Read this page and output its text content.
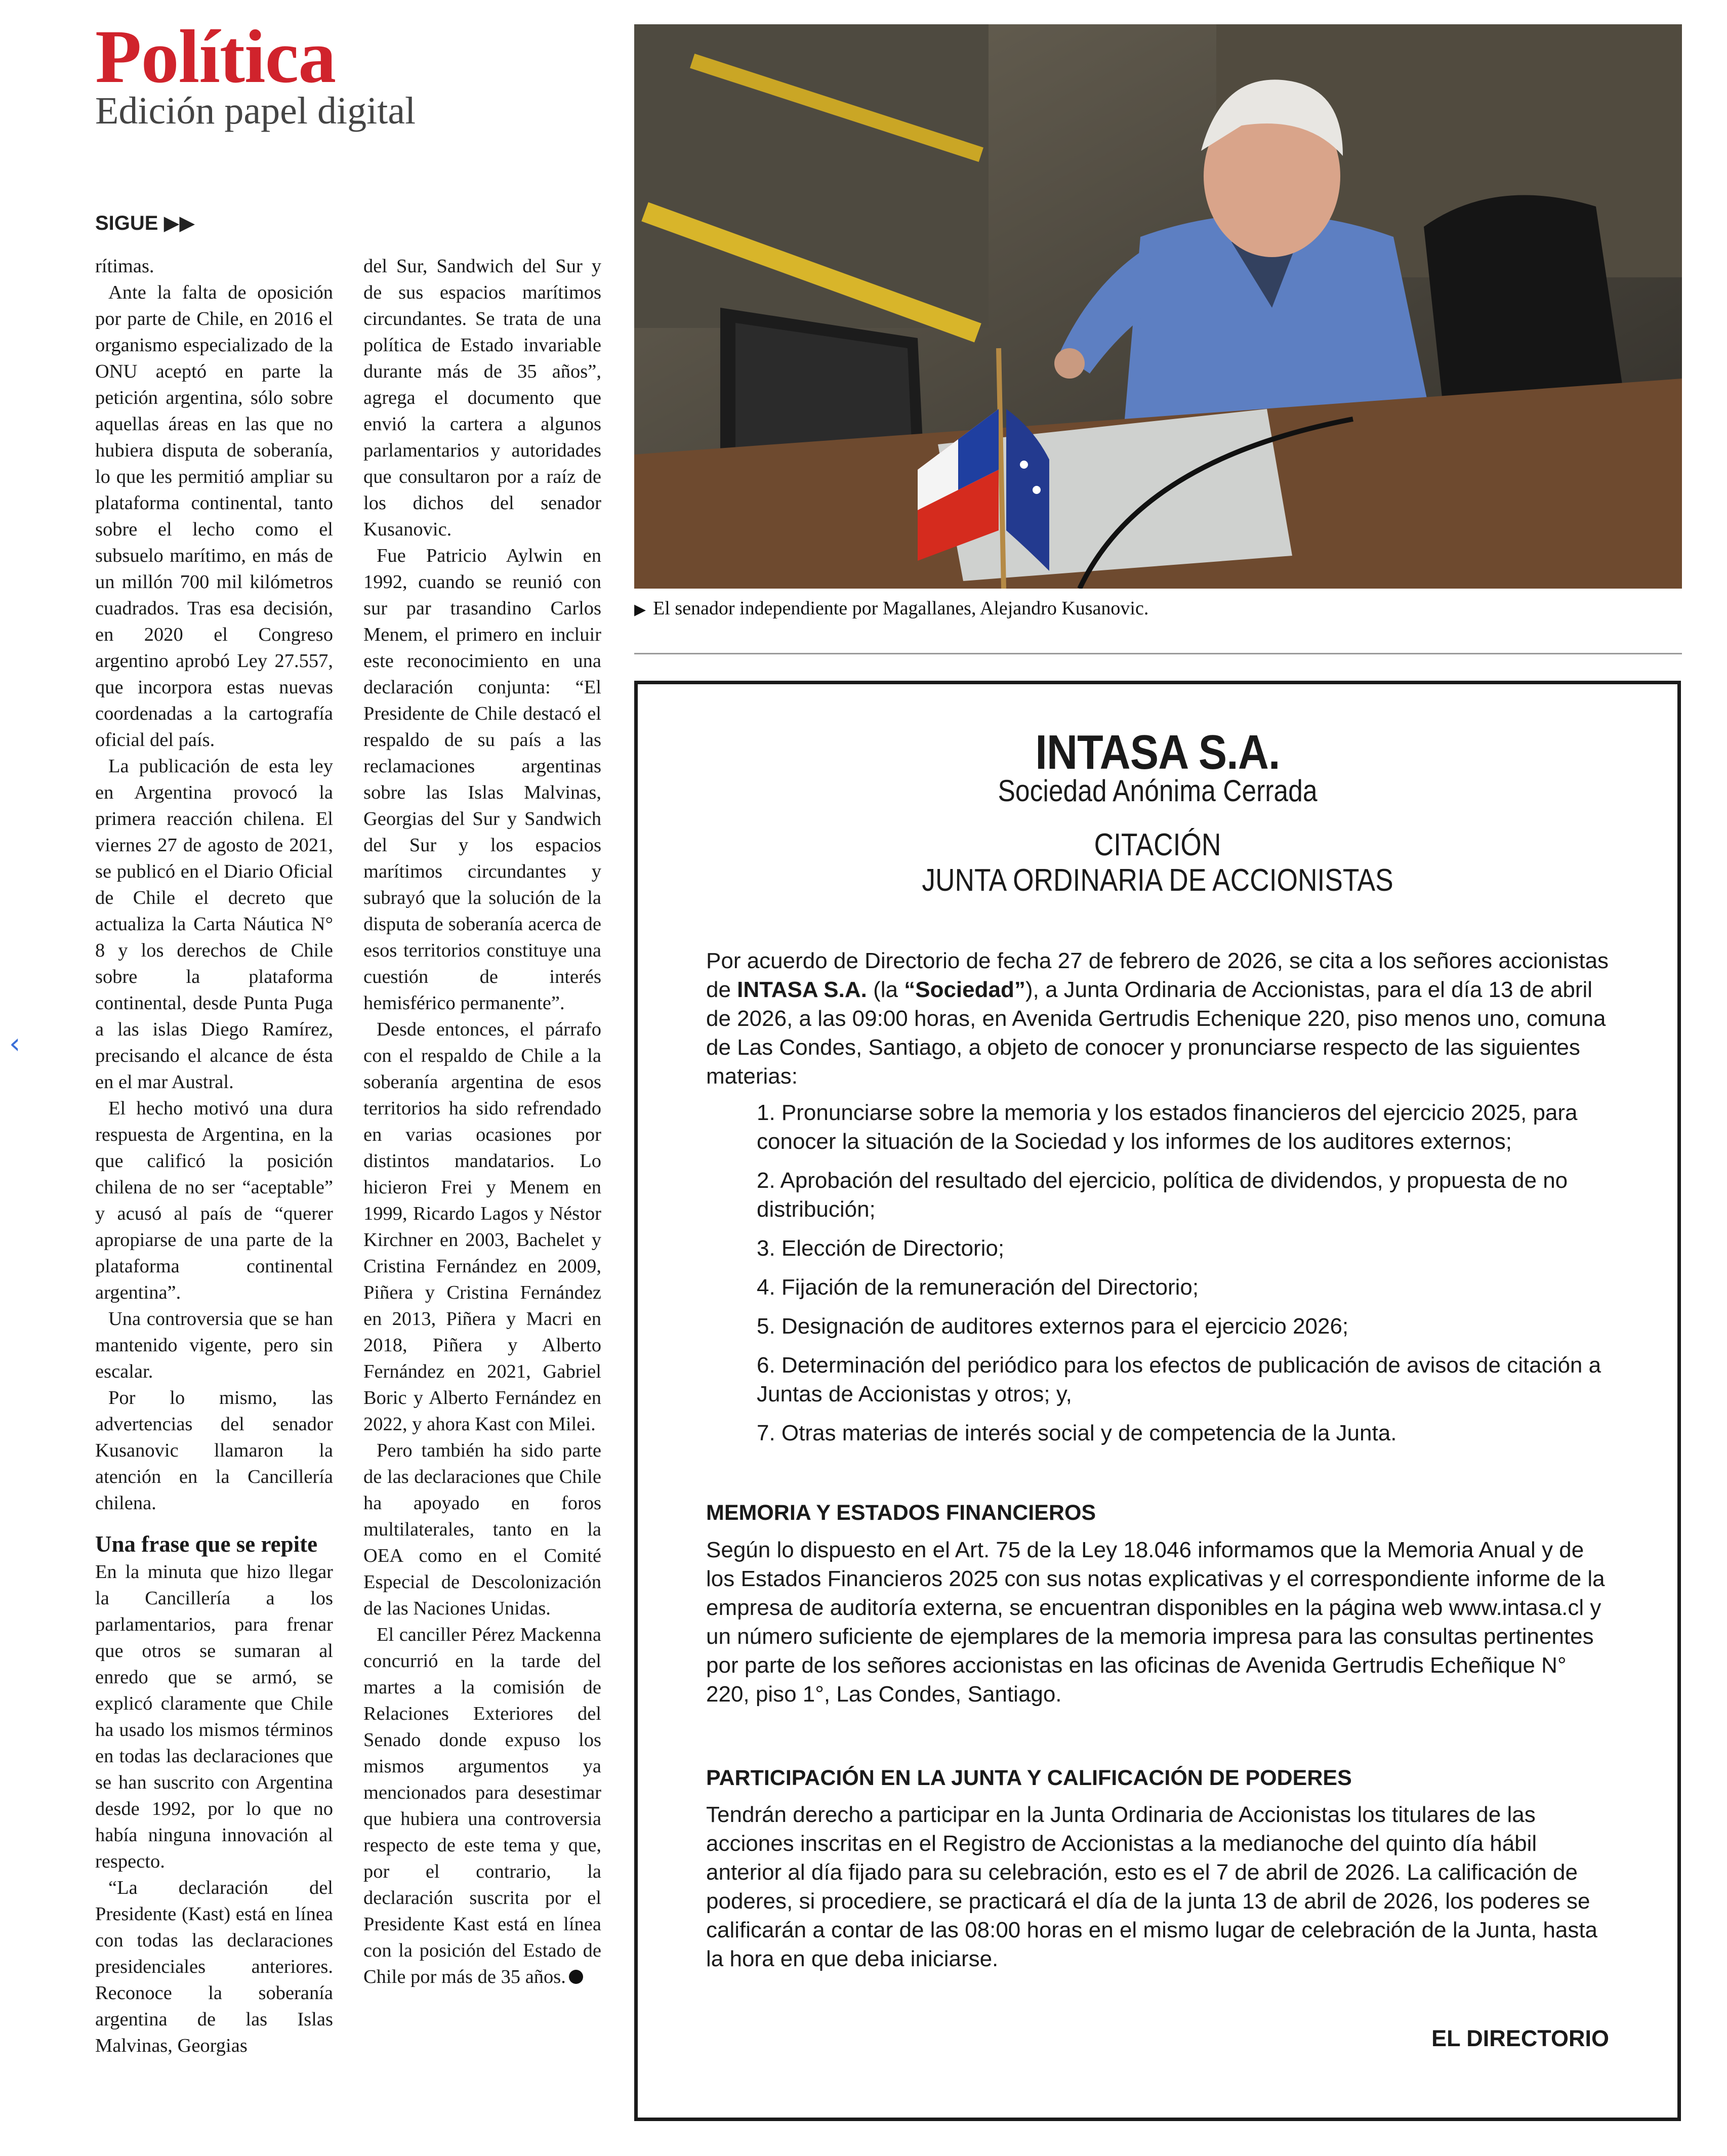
Política
Edición papel digital
SIGUE ▶▶
‹

rítimas.

Ante la falta de oposición por parte de Chile, en 2016 el organismo especializado de la ONU aceptó en parte la petición argentina, sólo sobre aquellas áreas en las que no hubiera disputa de soberanía, lo que les permitió ampliar su plataforma continental, tanto sobre el lecho como el subsuelo marítimo, en más de un millón 700 mil kilómetros cuadrados. Tras esa decisión, en 2020 el Congreso argentino aprobó Ley 27.557, que incorpora estas nuevas coordenadas a la cartografía oficial del país.

La publicación de esta ley en Argentina provocó la primera reacción chilena. El viernes 27 de agosto de 2021, se publicó en el Diario Oficial de Chile el decreto que actualiza la Carta Náutica N° 8 y los derechos de Chile sobre la plataforma continental, desde Punta Puga a las islas Diego Ramírez, precisando el alcance de ésta en el mar Austral.

El hecho motivó una dura respuesta de Argentina, en la que calificó la posición chilena de no ser “aceptable” y acusó al país de “querer apropiarse de una parte de la plataforma continental argentina”.

Una controversia que se han mantenido vigente, pero sin escalar.

Por lo mismo, las advertencias del senador Kusanovic llamaron la atención en la Cancillería chilena.

Una frase que se repite

En la minuta que hizo llegar la Cancillería a los parlamentarios, para frenar que otros se sumaran al enredo que se armó, se explicó claramente que Chile ha usado los mismos términos en todas las declaraciones que se han suscrito con Argentina desde 1992, por lo que no había ninguna innovación al respecto.

“La declaración del Presidente (Kast) está en línea con todas las declaraciones presidenciales anteriores. Reconoce la soberanía argentina de las Islas Malvinas, Georgias

del Sur, Sandwich del Sur y de sus espacios marítimos circundantes. Se trata de una política de Estado invariable durante más de 35 años”, agrega el documento que envió la cartera a algunos parlamentarios y autoridades que consultaron por a raíz de los dichos del senador Kusanovic.

Fue Patricio Aylwin en 1992, cuando se reunió con sur par trasandino Carlos Menem, el primero en incluir este reconocimiento en una declaración conjunta: “El Presidente de Chile destacó el respaldo de su país a las reclamaciones argentinas sobre las Islas Malvinas, Georgias del Sur y Sandwich del Sur y los espacios marítimos circundantes y subrayó que la solución de la disputa de soberanía acerca de esos territorios constituye una cuestión de interés hemisférico permanente”.

Desde entonces, el párrafo con el respaldo de Chile a la soberanía argentina de esos territorios ha sido refrendado en varias ocasiones por distintos mandatarios. Lo hicieron Frei y Menem en 1999, Ricardo Lagos y Néstor Kirchner en 2003, Bachelet y Cristina Fernández en 2009, Piñera y Cristina Fernández en 2013, Piñera y Macri en 2018, Piñera y Alberto Fernández en 2021, Gabriel Boric y Alberto Fernández en 2022, y ahora Kast con Milei.

Pero también ha sido parte de las declaraciones que Chile ha apoyado en foros multilaterales, tanto en la OEA como en el Comité Especial de Descolonización de las Naciones Unidas.

El canciller Pérez Mackenna concurrió en la tarde del martes a la comisión de Relaciones Exteriores del Senado donde expuso los mismos argumentos ya mencionados para desestimar que hubiera una controversia respecto de este tema y que, por el contrario, la declaración suscrita por el Presidente Kast está en línea con la posición del Estado de Chile por más de 35 años.

▶ El senador independiente por Magallanes, Alejandro Kusanovic.
INTASA S.A.
Sociedad Anónima Cerrada
CITACIÓN
JUNTA ORDINARIA DE ACCIONISTAS
Por acuerdo de Directorio de fecha 27 de febrero de 2026, se cita a los señores accionistas de INTASA S.A. (la “Sociedad”), a Junta Ordinaria de Accionistas, para el día 13 de abril de 2026, a las 09:00 horas, en Avenida Gertrudis Echenique 220, piso menos uno, comuna de Las Condes, Santiago, a objeto de conocer y pronunciarse respecto de las siguientes materias:
1. Pronunciarse sobre la memoria y los estados financieros del ejercicio 2025, para conocer la situación de la Sociedad y los informes de los auditores externos;
2. Aprobación del resultado del ejercicio, política de dividendos, y propuesta de no distribución;
3. Elección de Directorio;
4. Fijación de la remuneración del Directorio;
5. Designación de auditores externos para el ejercicio 2026;
6. Determinación del periódico para los efectos de publicación de avisos de citación a Juntas de Accionistas y otros; y,
7. Otras materias de interés social y de competencia de la Junta.
MEMORIA Y ESTADOS FINANCIEROS
Según lo dispuesto en el Art. 75 de la Ley 18.046 informamos que la Memoria Anual y de los Estados Financieros 2025 con sus notas explicativas y el correspondiente informe de la empresa de auditoría externa, se encuentran disponibles en la página web www.intasa.cl y un número suficiente de ejemplares de la memoria impresa para las consultas pertinentes por parte de los señores accionistas en las oficinas de Avenida Gertrudis Echeñique N° 220, piso 1°, Las Condes, Santiago.
PARTICIPACIÓN EN LA JUNTA Y CALIFICACIÓN DE PODERES
Tendrán derecho a participar en la Junta Ordinaria de Accionistas los titulares de las acciones inscritas en el Registro de Accionistas a la medianoche del quinto día hábil anterior al día fijado para su celebración, esto es el 7 de abril de 2026. La calificación de poderes, si procediere, se practicará el día de la junta 13 de abril de 2026, los poderes se calificarán a contar de las 08:00 horas en el mismo lugar de celebración de la Junta, hasta la hora en que deba iniciarse.
EL DIRECTORIO
